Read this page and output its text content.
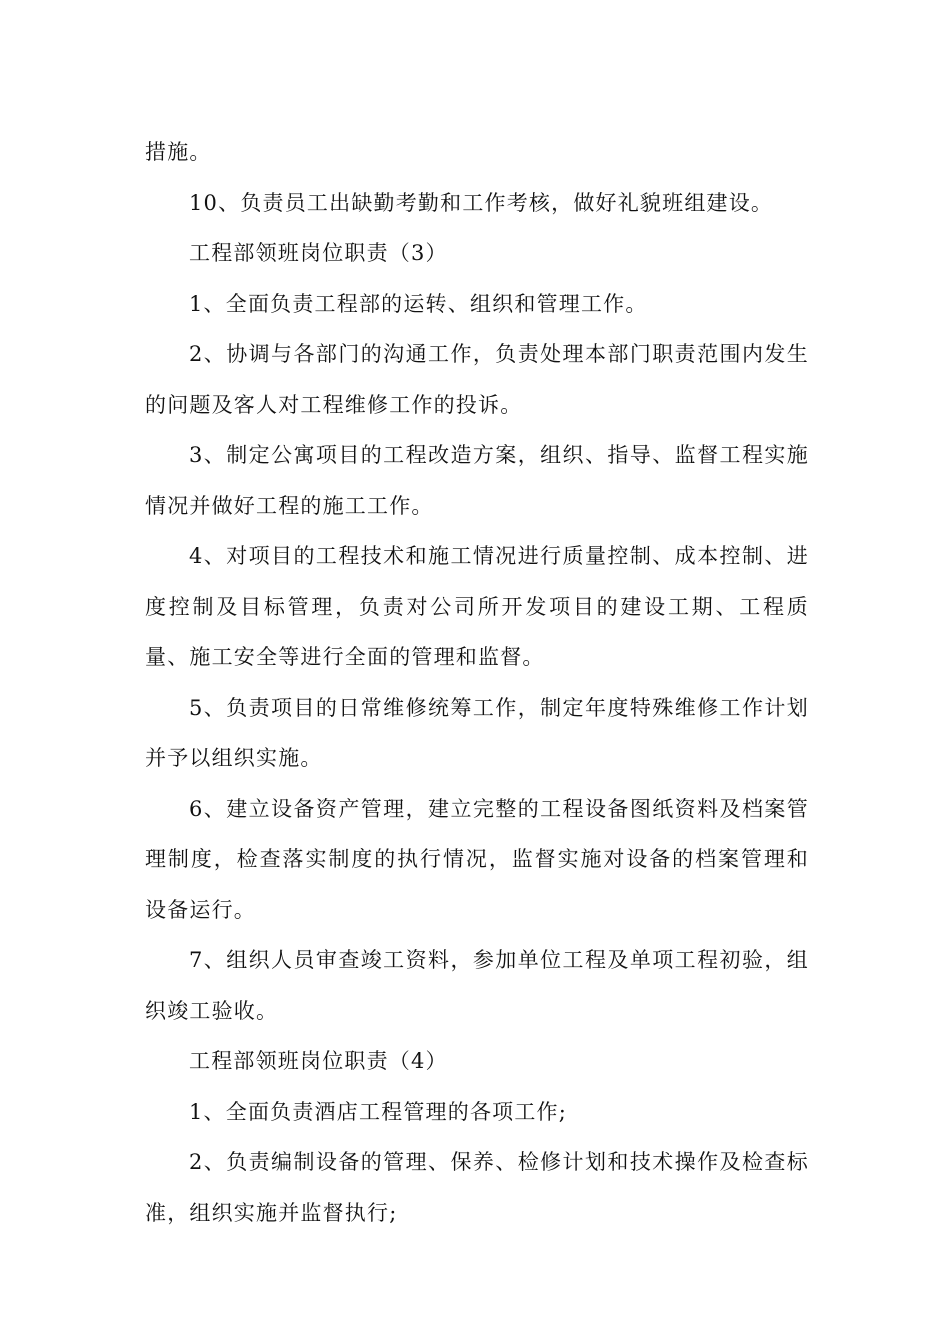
措施。

10、负责员工出缺勤考勤和工作考核，做好礼貌班组建设。

工程部领班岗位职责（3）

1、全面负责工程部的运转、组织和管理工作。

2、协调与各部门的沟通工作，负责处理本部门职责范围内发生的问题及客人对工程维修工作的投诉。

3、制定公寓项目的工程改造方案，组织、指导、监督工程实施情况并做好工程的施工工作。

4、对项目的工程技术和施工情况进行质量控制、成本控制、进度控制及目标管理，负责对公司所开发项目的建设工期、工程质量、施工安全等进行全面的管理和监督。

5、负责项目的日常维修统筹工作，制定年度特殊维修工作计划并予以组织实施。

6、建立设备资产管理，建立完整的工程设备图纸资料及档案管理制度，检查落实制度的执行情况，监督实施对设备的档案管理和设备运行。

7、组织人员审查竣工资料，参加单位工程及单项工程初验，组织竣工验收。

工程部领班岗位职责（4）

1、全面负责酒店工程管理的各项工作;

2、负责编制设备的管理、保养、检修计划和技术操作及检查标准，组织实施并监督执行;
